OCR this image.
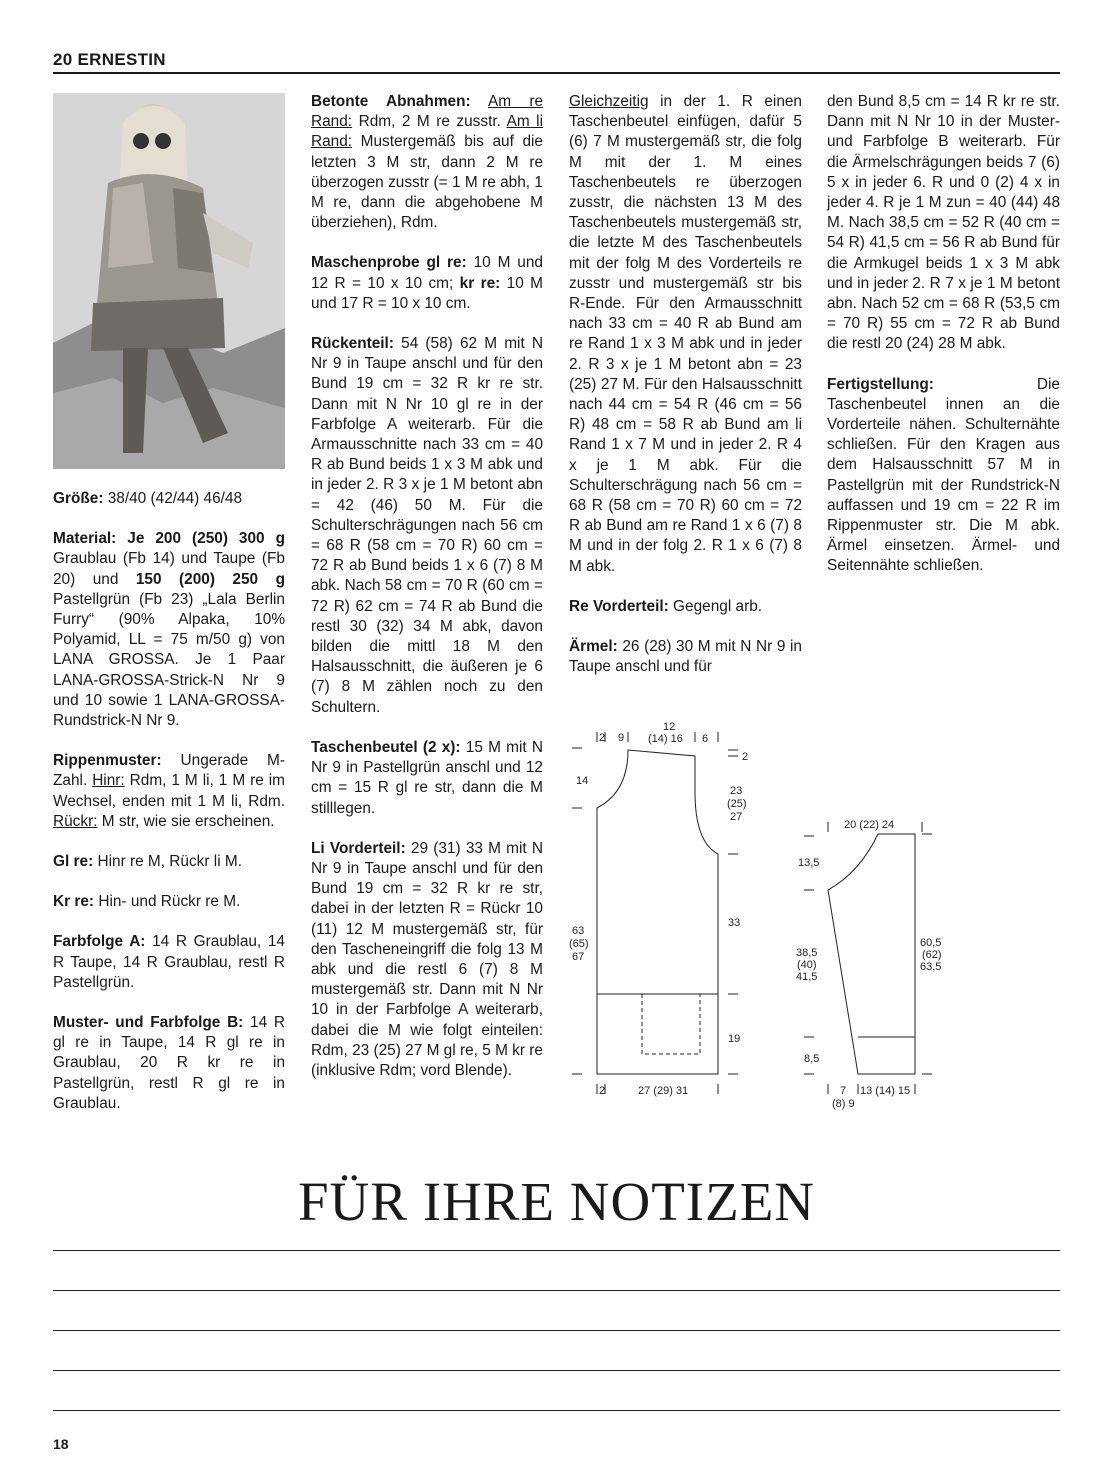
20 ERNESTIN

Größe: 38/40 (42/44) 46/48

Material: Je 200 (250) 300 g Graublau (Fb 14) und Taupe (Fb 20) und 150 (200) 250 g Pastellgrün (Fb 23) „Lala Berlin Furry“ (90% Alpaka, 10% Polyamid, LL = 75 m/50 g) von LANA GROSSA. Je 1 Paar LANA-GROSSA-Strick-N Nr 9 und 10 sowie 1 LANA-GROSSA-Rundstrick-N Nr 9.

Rippenmuster: Ungerade M-Zahl. Hinr: Rdm, 1 M li, 1 M re im Wechsel, enden mit 1 M li, Rdm. Rückr: M str, wie sie erscheinen.

Gl re: Hinr re M, Rückr li M.

Kr re: Hin- und Rückr re M.

Farbfolge A: 14 R Graublau, 14 R Taupe, 14 R Graublau, restl R Pastellgrün.

Muster- und Farbfolge B: 14 R gl re in Taupe, 14 R gl re in Graublau, 20 R kr re in Pastellgrün, restl R gl re in Graublau.

Betonte Abnahmen: Am re Rand: Rdm, 2 M re zusstr. Am li Rand: Mustergemäß bis auf die letzten 3 M str, dann 2 M re überzogen zusstr (= 1 M re abh, 1 M re, dann die abgehobene M überziehen), Rdm.

Maschenprobe gl re: 10 M und 12 R = 10 x 10 cm; kr re: 10 M und 17 R = 10 x 10 cm.

Rückenteil: 54 (58) 62 M mit N Nr 9 in Taupe anschl und für den Bund 19 cm = 32 R kr re str. Dann mit N Nr 10 gl re in der Farbfolge A weiterarb. Für die Armausschnitte nach 33 cm = 40 R ab Bund beids 1 x 3 M abk und in jeder 2. R 3 x je 1 M betont abn = 42 (46) 50 M. Für die Schulterschrägungen nach 56 cm = 68 R (58 cm = 70 R) 60 cm = 72 R ab Bund beids 1 x 6 (7) 8 M abk. Nach 58 cm = 70 R (60 cm = 72 R) 62 cm = 74 R ab Bund die restl 30 (32) 34 M abk, davon bilden die mittl 18 M den Halsausschnitt, die äußeren je 6 (7) 8 M zählen noch zu den Schultern.

Taschenbeutel (2 x): 15 M mit N Nr 9 in Pastellgrün anschl und 12 cm = 15 R gl re str, dann die M stilllegen.

Li Vorderteil: 29 (31) 33 M mit N Nr 9 in Taupe anschl und für den Bund 19 cm = 32 R kr re str, dabei in der letzten R = Rückr 10 (11) 12 M mustergemäß str, für den Tascheneingriff die folg 13 M abk und die restl 6 (7) 8 M mustergemäß str. Dann mit N Nr 10 in der Farbfolge A weiterarb, dabei die M wie folgt einteilen: Rdm, 23 (25) 27 M gl re, 5 M kr re (inklusive Rdm; vord Blende).

Gleichzeitig in der 1. R einen Taschenbeutel einfügen, dafür 5 (6) 7 M mustergemäß str, die folg M mit der 1. M eines Taschenbeutels re überzogen zusstr, die nächsten 13 M des Taschenbeutels mustergemäß str, die letzte M des Taschenbeutels mit der folg M des Vorderteils re zusstr und mustergemäß str bis R-Ende. Für den Armausschnitt nach 33 cm = 40 R ab Bund am re Rand 1 x 3 M abk und in jeder 2. R 3 x je 1 M betont abn = 23 (25) 27 M. Für den Halsausschnitt nach 44 cm = 54 R (46 cm = 56 R) 48 cm = 58 R ab Bund am li Rand 1 x 7 M und in jeder 2. R 4 x je 1 M abk. Für die Schulterschrägung nach 56 cm = 68 R (58 cm = 70 R) 60 cm = 72 R ab Bund am re Rand 1 x 6 (7) 8 M und in der folg 2. R 1 x 6 (7) 8 M abk.

Re Vorderteil: Gegengl arb.

Ärmel: 26 (28) 30 M mit N Nr 9 in Taupe anschl und für

den Bund 8,5 cm = 14 R kr re str. Dann mit N Nr 10 in der Muster- und Farbfolge B weiterarb. Für die Ärmelschrägungen beids 7 (6) 5 x in jeder 6. R und 0 (2) 4 x in jeder 4. R je 1 M zun = 40 (44) 48 M. Nach 38,5 cm = 52 R (40 cm = 54 R) 41,5 cm = 56 R ab Bund für die Armkugel beids 1 x 3 M abk und in jeder 2. R 7 x je 1 M betont abn. Nach 52 cm = 68 R (53,5 cm = 70 R) 55 cm = 72 R ab Bund die restl 20 (24) 28 M abk.

Fertigstellung: Die Taschenbeutel innen an die Vorderteile nähen. Schulternähte schließen. Für den Kragen aus dem Halsausschnitt 57 M in Pastellgrün mit der Rundstrick-N auffassen und 19 cm = 22 R im Rippenmuster str. Die M abk. Ärmel einsetzen. Ärmel- und Seitennähte schließen.

2 9
12
(14) 16 6
2
14
23
(25)
27
63
(65)
67
33
19
2	27 (29) 31
20 (22) 24
13,5
38,5
(40)
41,5
60,5
(62)
63,5
8,5
7
(8) 9
13 (14) 15
FÜR IHRE NOTIZEN
18
